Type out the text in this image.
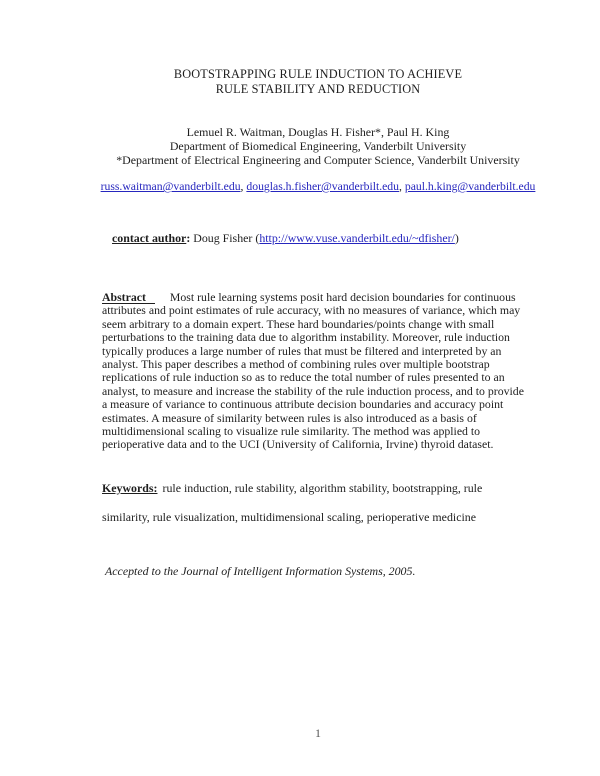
BOOTSTRAPPING RULE INDUCTION TO ACHIEVE
RULE STABILITY AND REDUCTION
Lemuel R. Waitman, Douglas H. Fisher*, Paul H. King
Department of Biomedical Engineering, Vanderbilt University
*Department of Electrical Engineering and Computer Science, Vanderbilt University
russ.waitman@vanderbilt.edu, douglas.h.fisher@vanderbilt.edu, paul.h.king@vanderbilt.edu
contact author: Doug Fisher (http://www.vuse.vanderbilt.edu/~dfisher/)
Abstract Most rule learning systems posit hard decision boundaries for continuous
attributes and point estimates of rule accuracy, with no measures of variance, which may
seem arbitrary to a domain expert. These hard boundaries/points change with small
perturbations to the training data due to algorithm instability. Moreover, rule induction
typically produces a large number of rules that must be filtered and interpreted by an
analyst. This paper describes a method of combining rules over multiple bootstrap
replications of rule induction so as to reduce the total number of rules presented to an
analyst, to measure and increase the stability of the rule induction process, and to provide
a measure of variance to continuous attribute decision boundaries and accuracy point
estimates. A measure of similarity between rules is also introduced as a basis of
multidimensional scaling to visualize rule similarity. The method was applied to
perioperative data and to the UCI (University of California, Irvine) thyroid dataset.
Keywords: rule induction, rule stability, algorithm stability, bootstrapping, rule
similarity, rule visualization, multidimensional scaling, perioperative medicine
Accepted to the Journal of Intelligent Information Systems, 2005.
1
